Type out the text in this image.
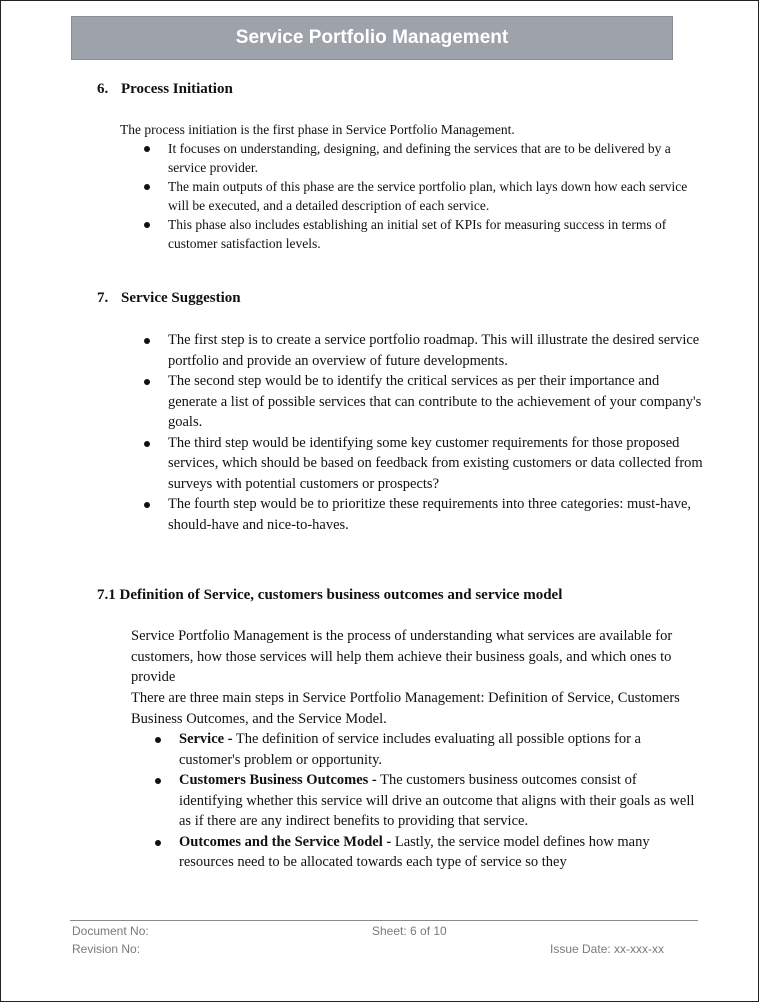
Service Portfolio Management
6. Process Initiation
The process initiation is the first phase in Service Portfolio Management.
It focuses on understanding, designing, and defining the services that are to be delivered by a service provider.
The main outputs of this phase are the service portfolio plan, which lays down how each service will be executed, and a detailed description of each service.
This phase also includes establishing an initial set of KPIs for measuring success in terms of customer satisfaction levels.
7. Service Suggestion
The first step is to create a service portfolio roadmap. This will illustrate the desired service portfolio and provide an overview of future developments.
The second step would be to identify the critical services as per their importance and generate a list of possible services that can contribute to the achievement of your company's goals.
The third step would be identifying some key customer requirements for those proposed services, which should be based on feedback from existing customers or data collected from surveys with potential customers or prospects?
The fourth step would be to prioritize these requirements into three categories: must-have, should-have and nice-to-haves.
7.1 Definition of Service, customers business outcomes and service model
Service Portfolio Management is the process of understanding what services are available for customers, how those services will help them achieve their business goals, and which ones to provide
There are three main steps in Service Portfolio Management: Definition of Service, Customers Business Outcomes, and the Service Model.
Service - The definition of service includes evaluating all possible options for a customer's problem or opportunity.
Customers Business Outcomes - The customers business outcomes consist of identifying whether this service will drive an outcome that aligns with their goals as well as if there are any indirect benefits to providing that service.
Outcomes and the Service Model - Lastly, the service model defines how many resources need to be allocated towards each type of service so they
Document No:	Sheet: 6 of 10
Revision No:	Issue Date: xx-xxx-xx
